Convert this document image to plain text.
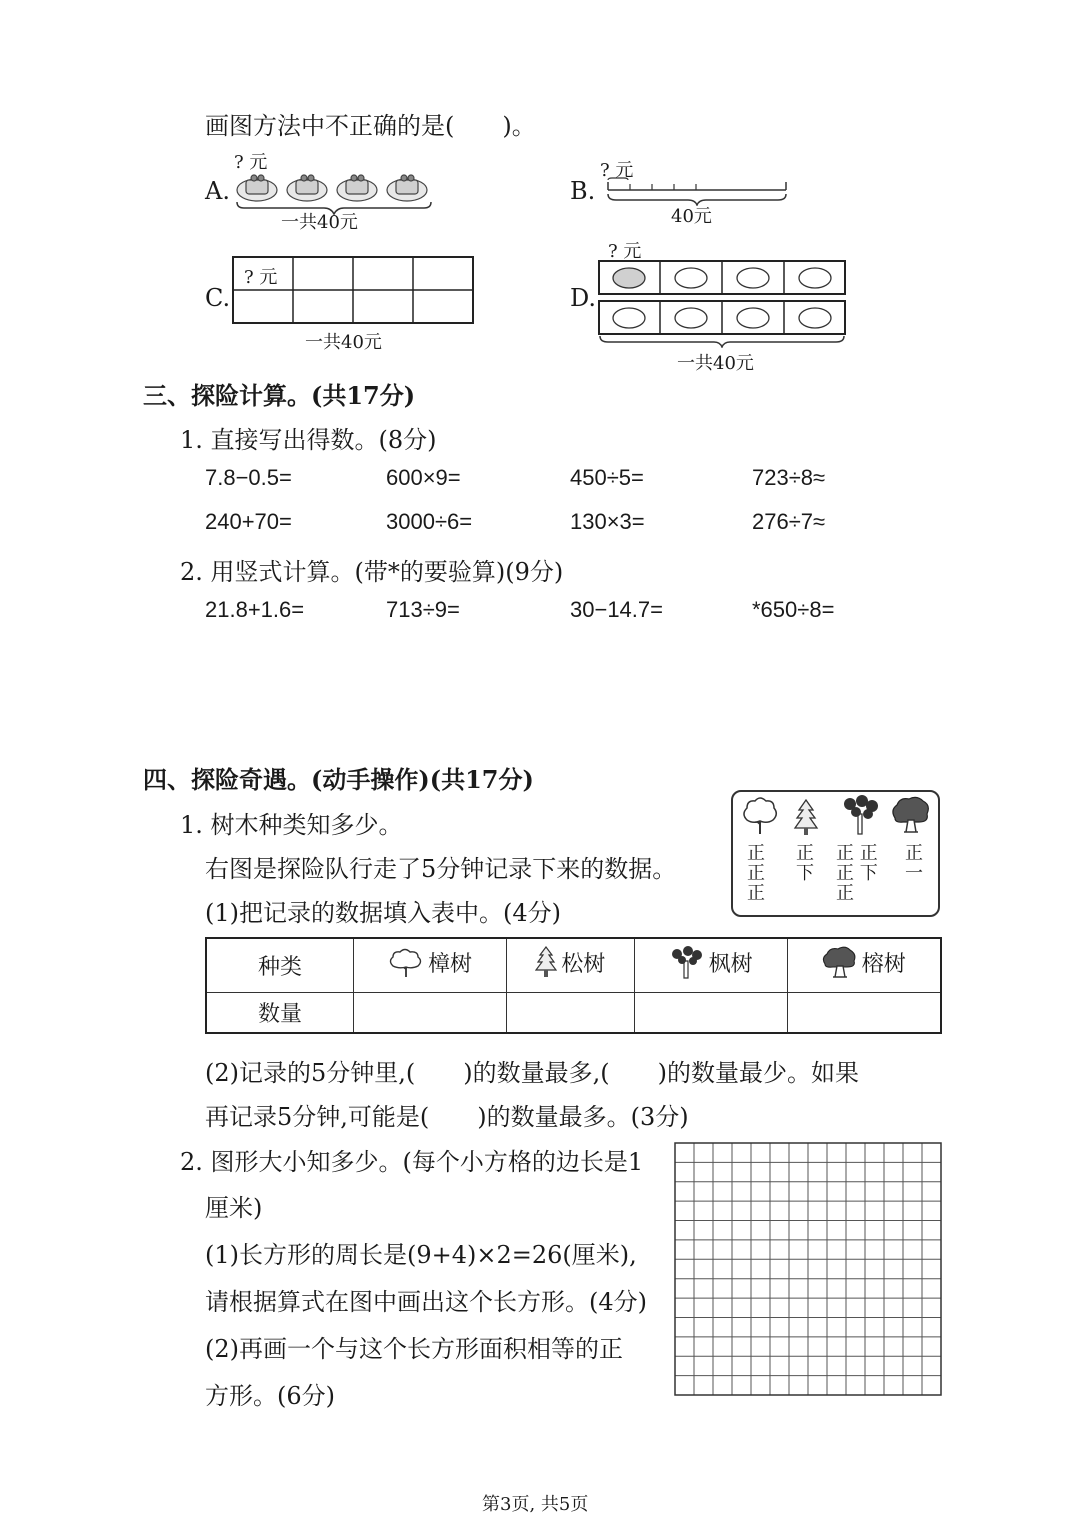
画图方法中不正确的是(　　)。
A.
? 元
一共40元
B.
? 元
40元
C.
? 元
一共40元
D.
? 元
一共40元
三、探险计算。(共17分)
1. 直接写出得数。(8分)
7.8−0.5=	600×9=	450÷5=	723÷8≈
240+70=	3000÷6=	130×3=	276÷7≈
2. 用竖式计算。(带*的要验算)(9分)
21.8+1.6=	713÷9=	30−14.7=	*650÷8=
四、探险奇遇。(动手操作)(共17分)
1. 树木种类知多少。
右图是探险队行走了5分钟记录下来的数据。
(1)把记录的数据填入表中。(4分)
正
正
正
正
下
正 正
正 下
正
正
一
种类	樟树	松树	枫树	榕树

数量				
(2)记录的5分钟里,(　　)的数量最多,(　　)的数量最少。如果
再记录5分钟,可能是(　　)的数量最多。(3分)
2. 图形大小知多少。(每个小方格的边长是1
厘米)
(1)长方形的周长是(9+4)×2=26(厘米),
请根据算式在图中画出这个长方形。(4分)
(2)再画一个与这个长方形面积相等的正
方形。(6分)
第3页, 共5页
